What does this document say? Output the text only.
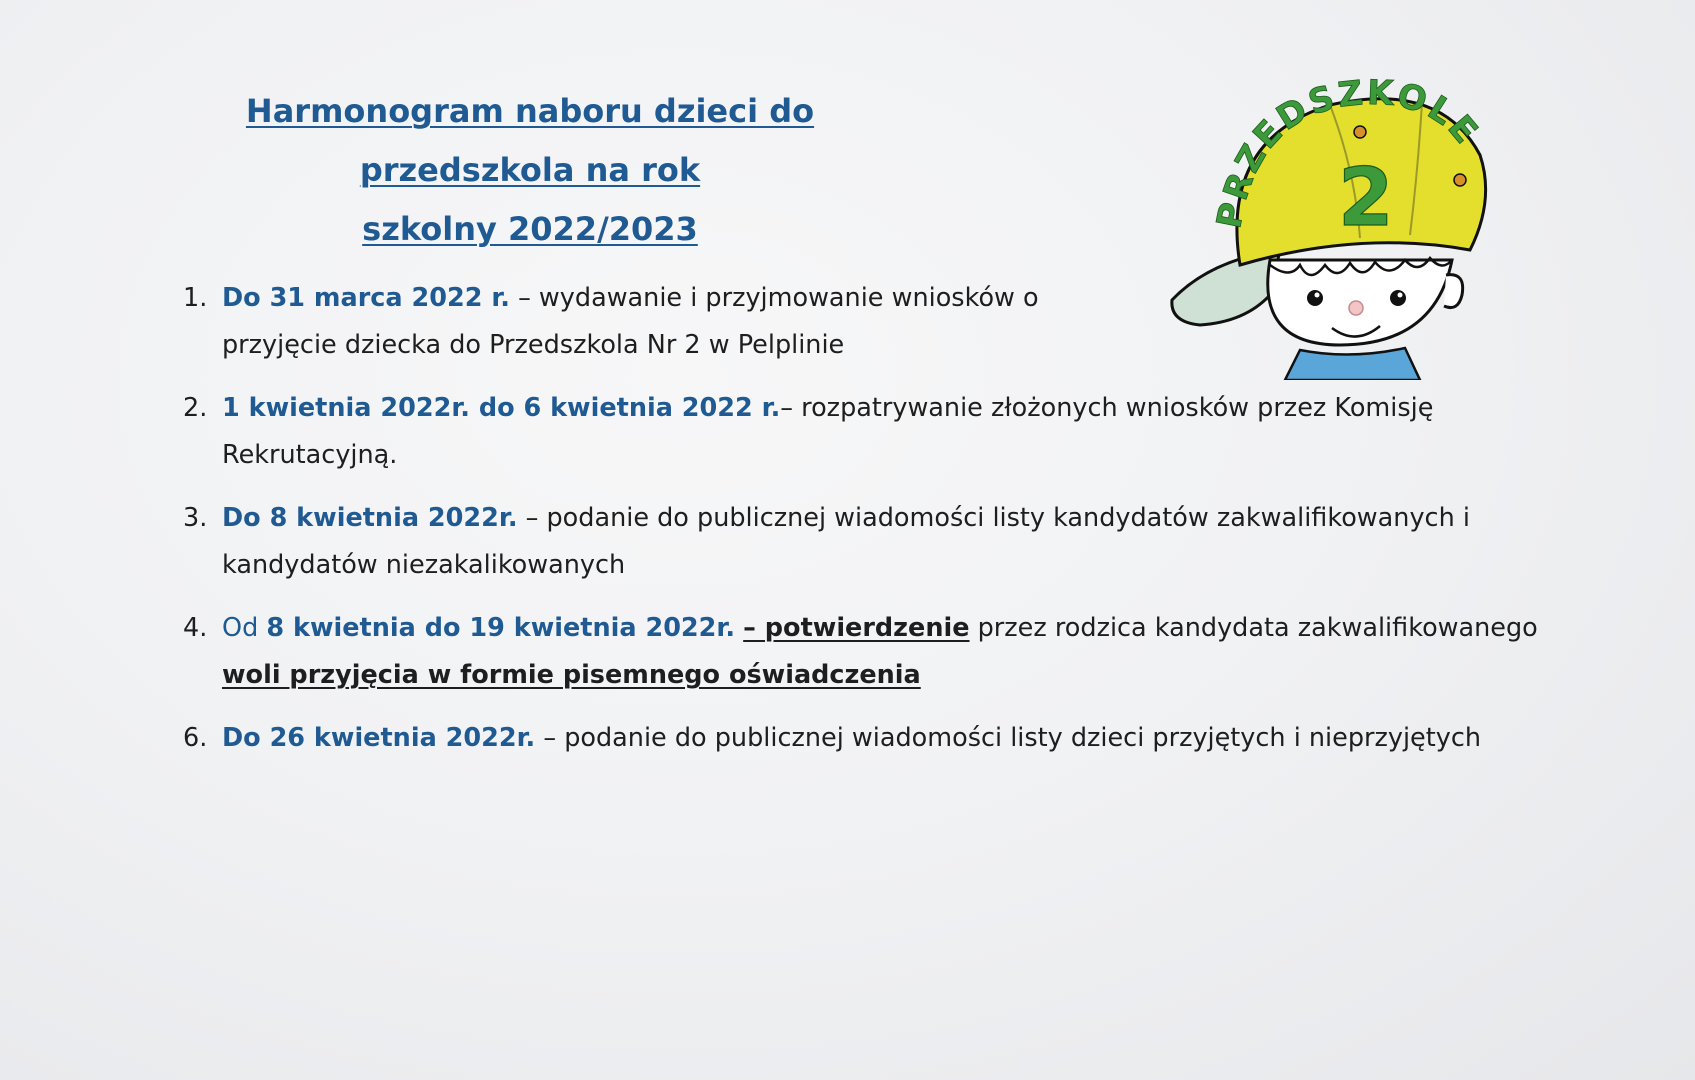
Harmonogram naboru dzieci do przedszkola na rok
szkolny 2022/2023	PRZEDSZKOLE
2
1. Do 31 marca 2022 r. – wydawanie i przyjmowanie wniosków o
przyjęcie dziecka do Przedszkola Nr 2 w Pelplinie
2. 1 kwietnia 2022r. do 6 kwietnia 2022 r.– rozpatrywanie złożonych wniosków przez Komisję
Rekrutacyjną.
3. Do 8 kwietnia 2022r. – podanie do publicznej wiadomości listy kandydatów zakwalifikowanych i
kandydatów niezakalikowanych
4. Od 8 kwietnia do 19 kwietnia 2022r. – potwierdzenie przez rodzica kandydata zakwalifikowanego
woli przyjęcia w formie pisemnego oświadczenia
6. Do 26 kwietnia 2022r. – podanie do publicznej wiadomości listy dzieci przyjętych i nieprzyjętych
